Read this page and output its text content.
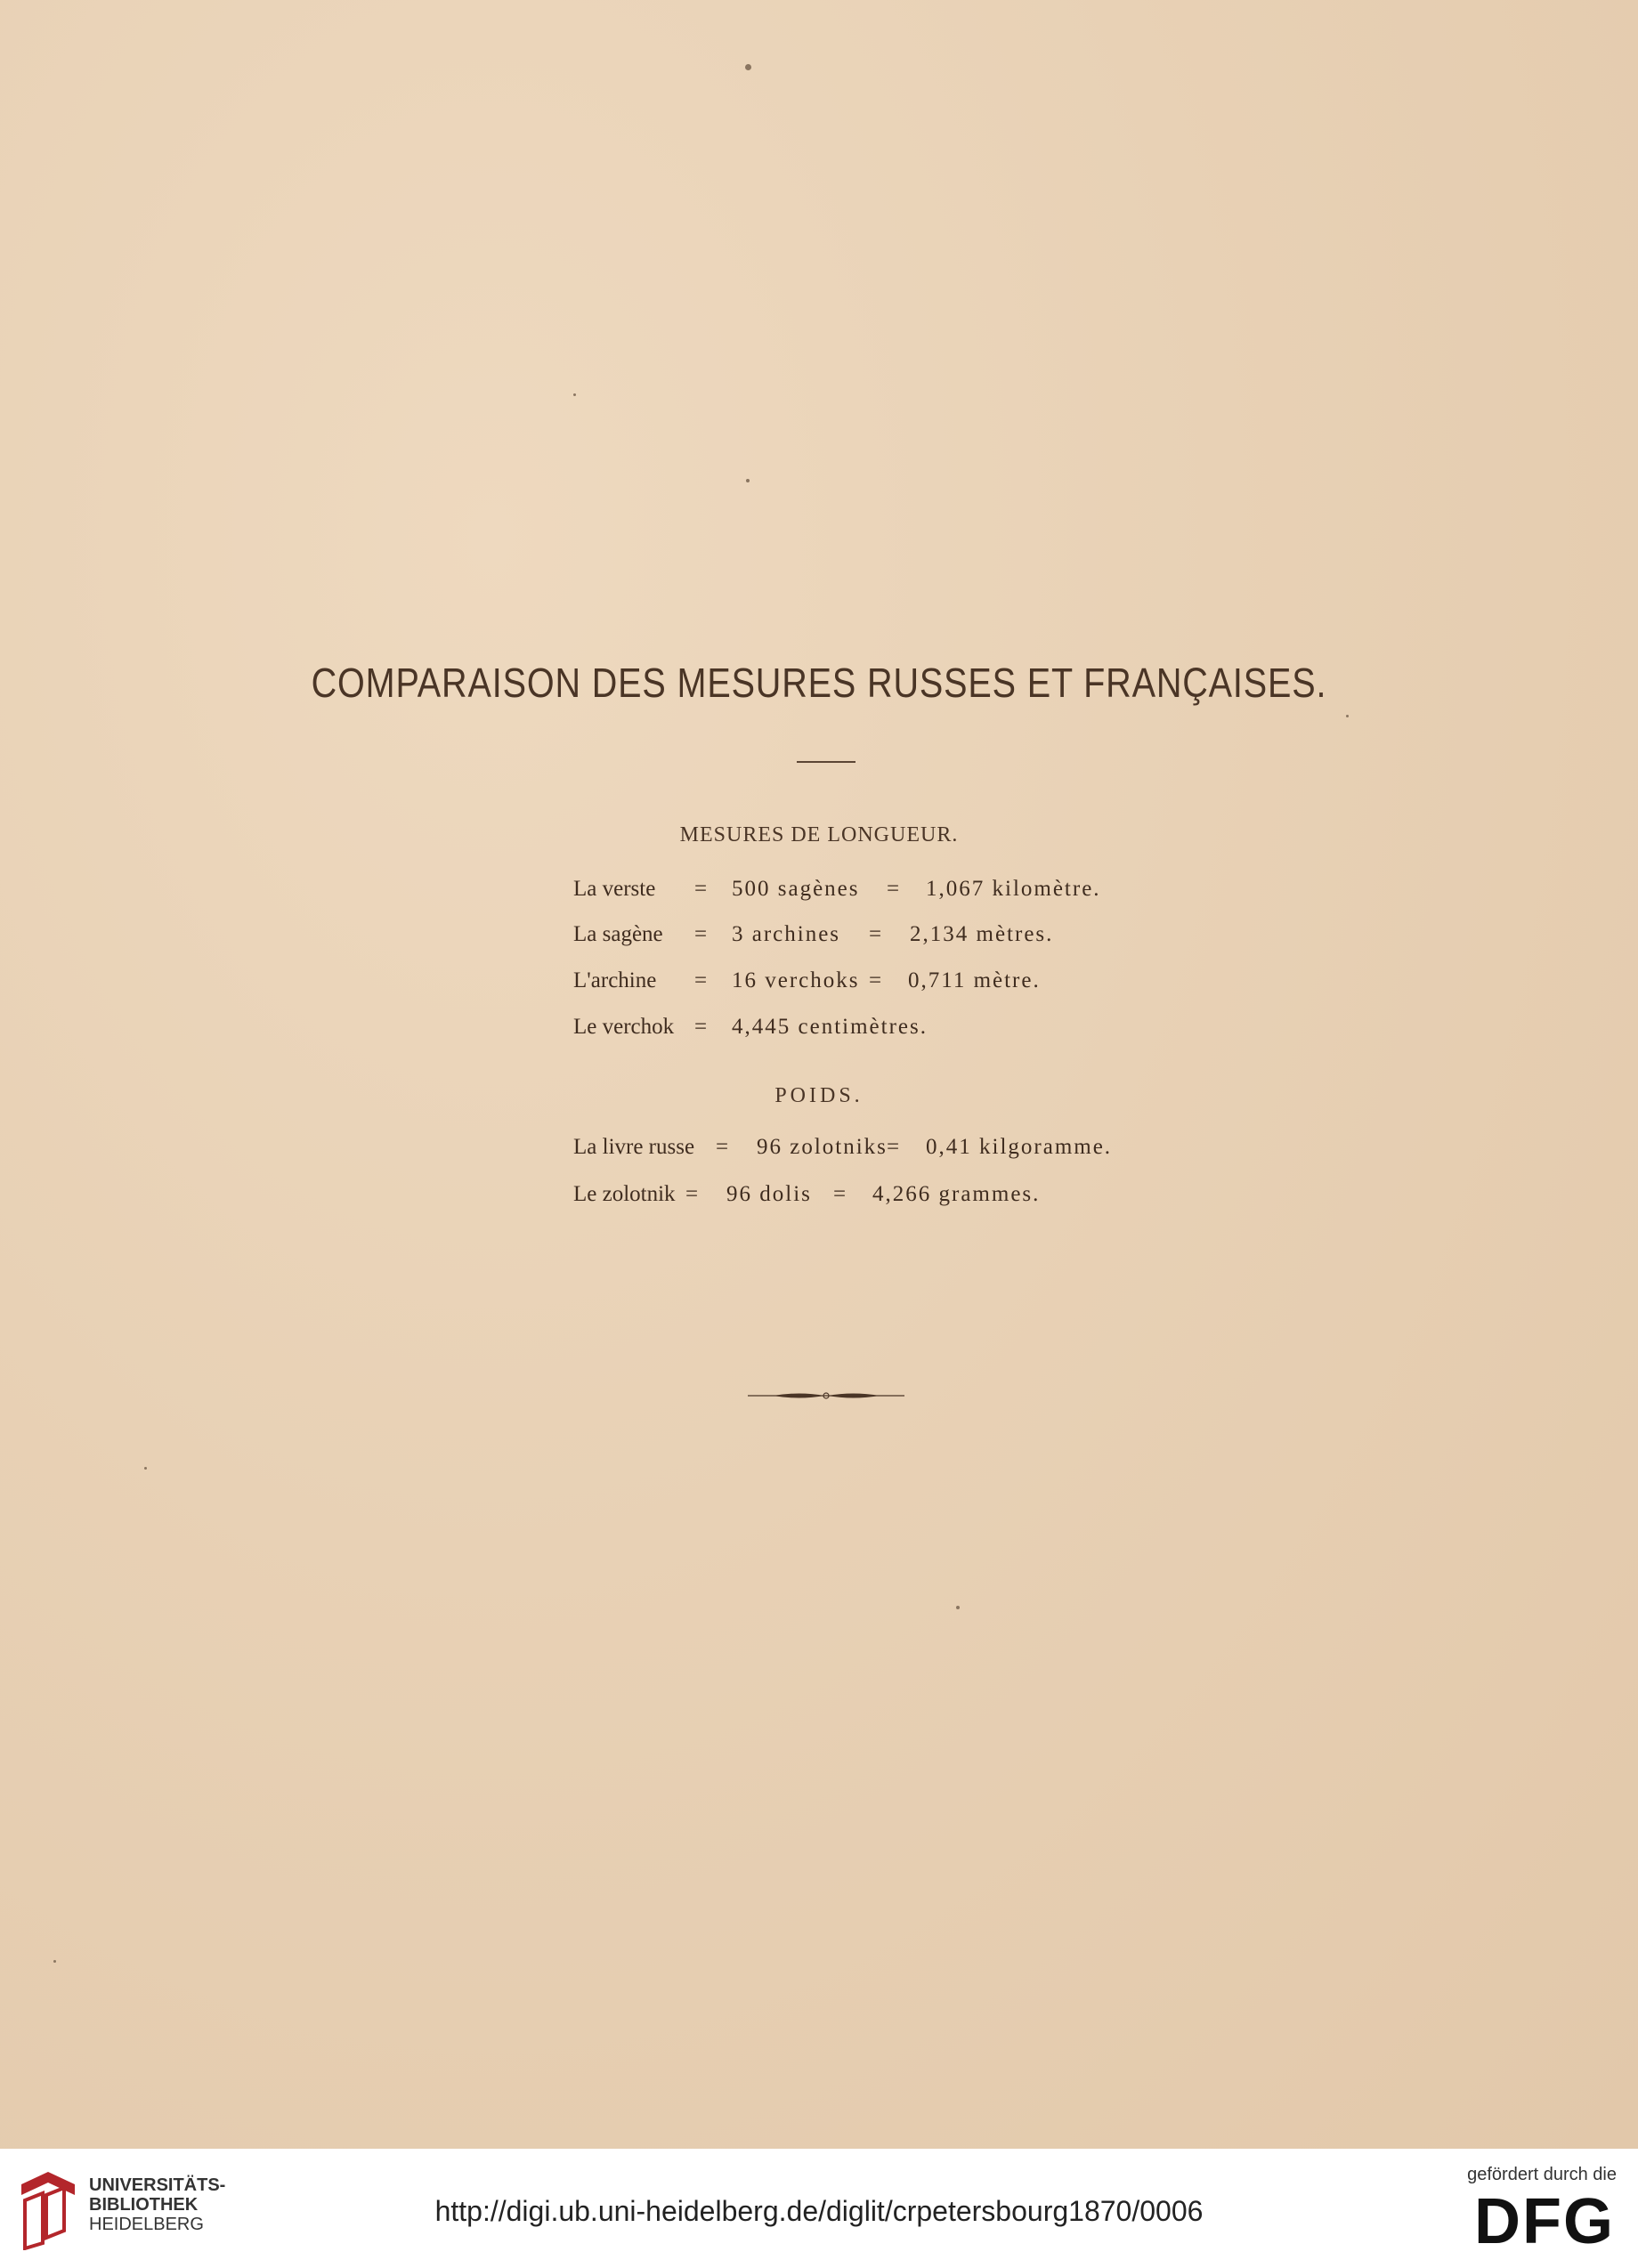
COMPARAISON DES MESURES RUSSES ET FRANÇAISES.
MESURES DE LONGUEUR.
La verste = 500 sagènes = 1,067 kilomètre.
La sagène = 3 archines = 2,134 mètres.
L'archine = 16 verchoks = 0,711 mètre.
Le verchok = 4,445 centimètres.
POIDS.
La livre russe = 96 zolotniks = 0,41 kilgoramme.
Le zolotnik = 96 dolis = 4,266 grammes.
UNIVERSITÄTS-
BIBLIOTHEK
HEIDELBERG	http://digi.ub.uni-heidelberg.de/diglit/crpetersbourg1870/0006
gefördert durch die
DFG
